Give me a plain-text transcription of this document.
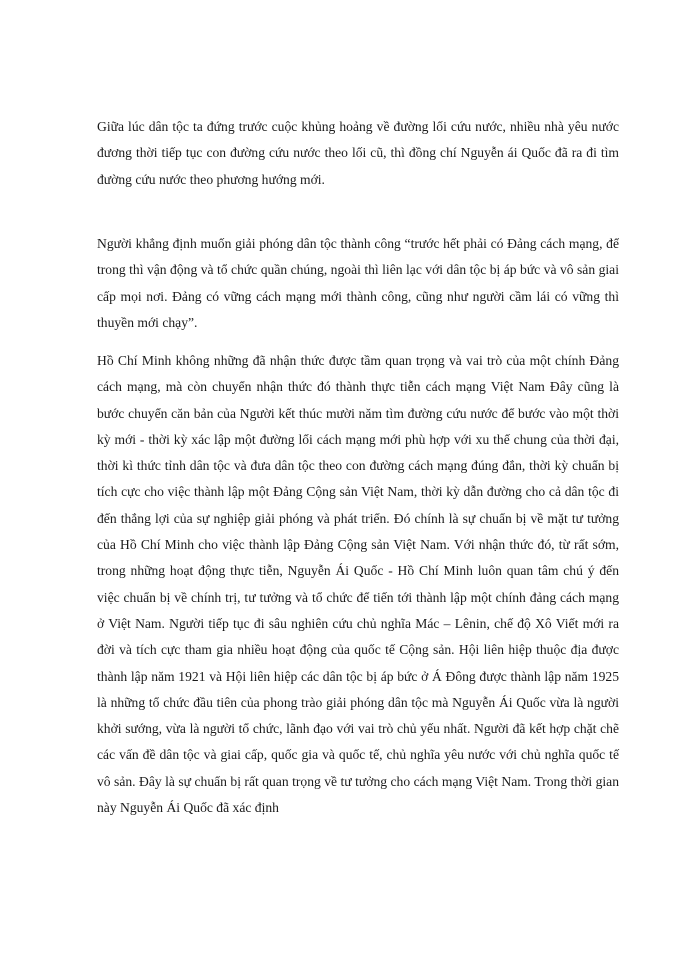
Giữa lúc dân tộc ta đứng trước cuộc khủng hoảng về đường lối cứu nước, nhiều nhà yêu nước đương thời tiếp tục con đường cứu nước theo lối cũ, thì đồng chí Nguyễn ái Quốc đã ra đi tìm đường cứu nước theo phương hướng mới.

Người khẳng định muốn giải phóng dân tộc thành công “trước hết phải có Đảng cách mạng, để trong thì vận động và tổ chức quần chúng, ngoài thì liên lạc với dân tộc bị áp bức và vô sản giai cấp mọi nơi. Đảng có vững cách mạng mới thành công, cũng như người cầm lái có vững thì thuyền mới chạy”.

Hồ Chí Minh không những đã nhận thức được tầm quan trọng và vai trò của một chính Đảng cách mạng, mà còn chuyển nhận thức đó thành thực tiễn cách mạng Việt Nam Đây cũng là bước chuyển căn bản của Người kết thúc mười năm tìm đường cứu nước để bước vào một thời kỳ mới - thời kỳ xác lập một đường lối cách mạng mới phù hợp với xu thế chung của thời đại, thời kì thức tỉnh dân tộc và đưa dân tộc theo con đường cách mạng đúng đắn, thời kỳ chuẩn bị tích cực cho việc thành lập một Đảng Cộng sản Việt Nam, thời kỳ dẫn đường cho cả dân tộc đi đến thắng lợi của sự nghiệp giải phóng và phát triển. Đó chính là sự chuẩn bị về mặt tư tưởng của Hồ Chí Minh cho việc thành lập Đảng Cộng sản Việt Nam. Với nhận thức đó, từ rất sớm, trong những hoạt động thực tiễn, Nguyễn Ái Quốc - Hồ Chí Minh luôn quan tâm chú ý đến việc chuẩn bị về chính trị, tư tưởng và tổ chức để tiến tới thành lập một chính đảng cách mạng ở Việt Nam. Người tiếp tục đi sâu nghiên cứu chủ nghĩa Mác – Lênin, chế độ Xô Viết mới ra đời và tích cực tham gia nhiều hoạt động của quốc tế Cộng sản. Hội liên hiệp thuộc địa được thành lập năm 1921 và Hội liên hiệp các dân tộc bị áp bức ở Á Đông được thành lập năm 1925 là những tổ chức đầu tiên của phong trào giải phóng dân tộc mà Nguyễn Ái Quốc vừa là người khởi sướng, vừa là người tổ chức, lãnh đạo với vai trò chủ yếu nhất. Người đã kết hợp chặt chẽ các vấn đề dân tộc và giai cấp, quốc gia và quốc tế, chủ nghĩa yêu nước với chủ nghĩa quốc tế vô sản. Đây là sự chuẩn bị rất quan trọng về tư tưởng cho cách mạng Việt Nam. Trong thời gian này Nguyễn Ái Quốc đã xác định
